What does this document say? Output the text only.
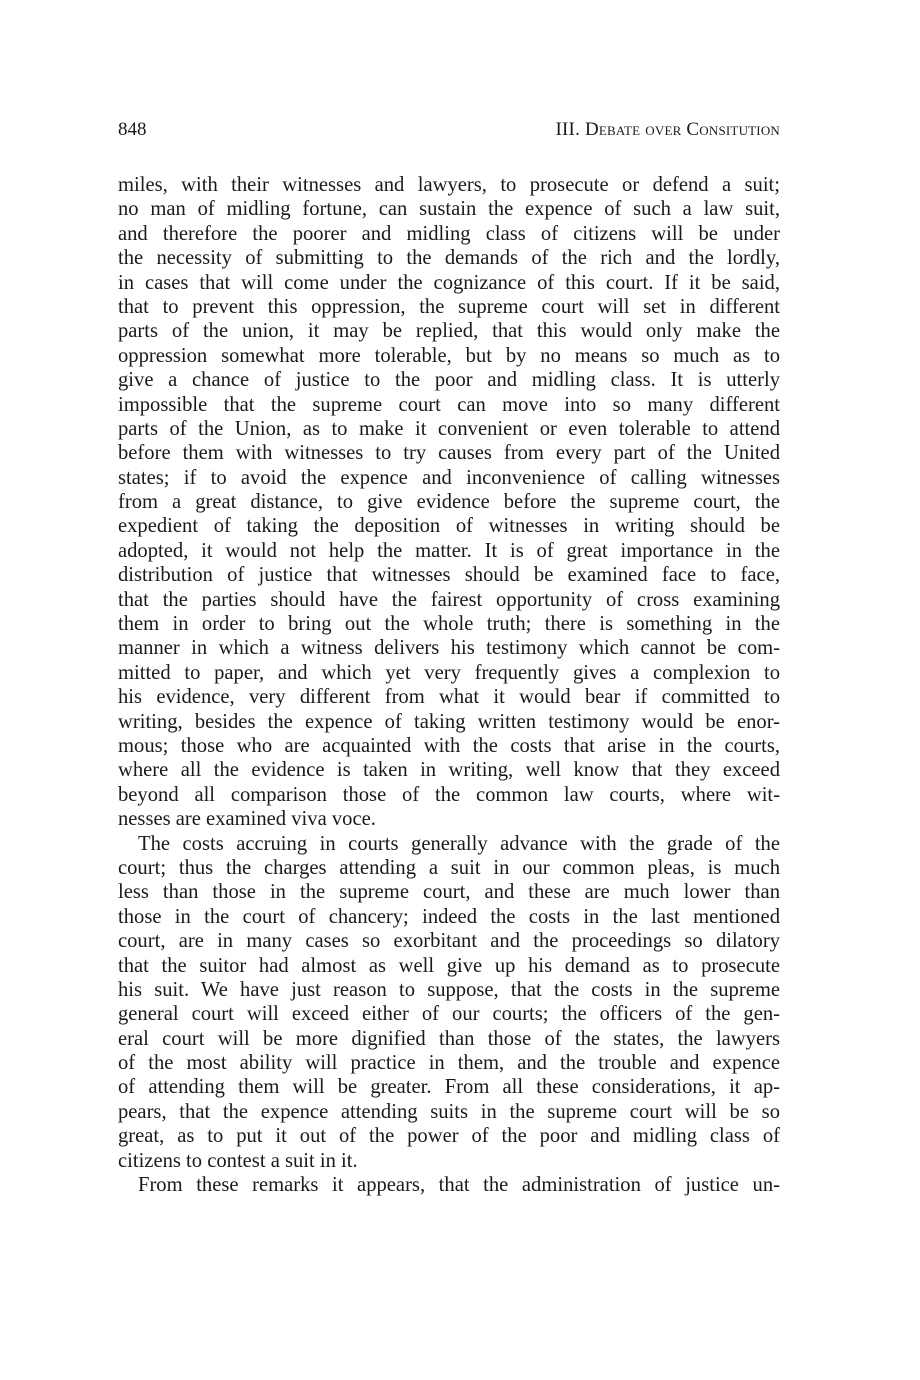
848	III. Debate over Consitution
miles, with their witnesses and lawyers, to prosecute or defend a suit;
no man of midling fortune, can sustain the expence of such a law suit,
and therefore the poorer and midling class of citizens will be under
the necessity of submitting to the demands of the rich and the lordly,
in cases that will come under the cognizance of this court. If it be said,
that to prevent this oppression, the supreme court will set in different
parts of the union, it may be replied, that this would only make the
oppression somewhat more tolerable, but by no means so much as to
give a chance of justice to the poor and midling class. It is utterly
impossible that the supreme court can move into so many different
parts of the Union, as to make it convenient or even tolerable to attend
before them with witnesses to try causes from every part of the United
states; if to avoid the expence and inconvenience of calling witnesses
from a great distance, to give evidence before the supreme court, the
expedient of taking the deposition of witnesses in writing should be
adopted, it would not help the matter. It is of great importance in the
distribution of justice that witnesses should be examined face to face,
that the parties should have the fairest opportunity of cross examining
them in order to bring out the whole truth; there is something in the
manner in which a witness delivers his testimony which cannot be com-
mitted to paper, and which yet very frequently gives a complexion to
his evidence, very different from what it would bear if committed to
writing, besides the expence of taking written testimony would be enor-
mous; those who are acquainted with the costs that arise in the courts,
where all the evidence is taken in writing, well know that they exceed
beyond all comparison those of the common law courts, where wit-
nesses are examined viva voce.
The costs accruing in courts generally advance with the grade of the
court; thus the charges attending a suit in our common pleas, is much
less than those in the supreme court, and these are much lower than
those in the court of chancery; indeed the costs in the last mentioned
court, are in many cases so exorbitant and the proceedings so dilatory
that the suitor had almost as well give up his demand as to prosecute
his suit. We have just reason to suppose, that the costs in the supreme
general court will exceed either of our courts; the officers of the gen-
eral court will be more dignified than those of the states, the lawyers
of the most ability will practice in them, and the trouble and expence
of attending them will be greater. From all these considerations, it ap-
pears, that the expence attending suits in the supreme court will be so
great, as to put it out of the power of the poor and midling class of
citizens to contest a suit in it.
From these remarks it appears, that the administration of justice un-
